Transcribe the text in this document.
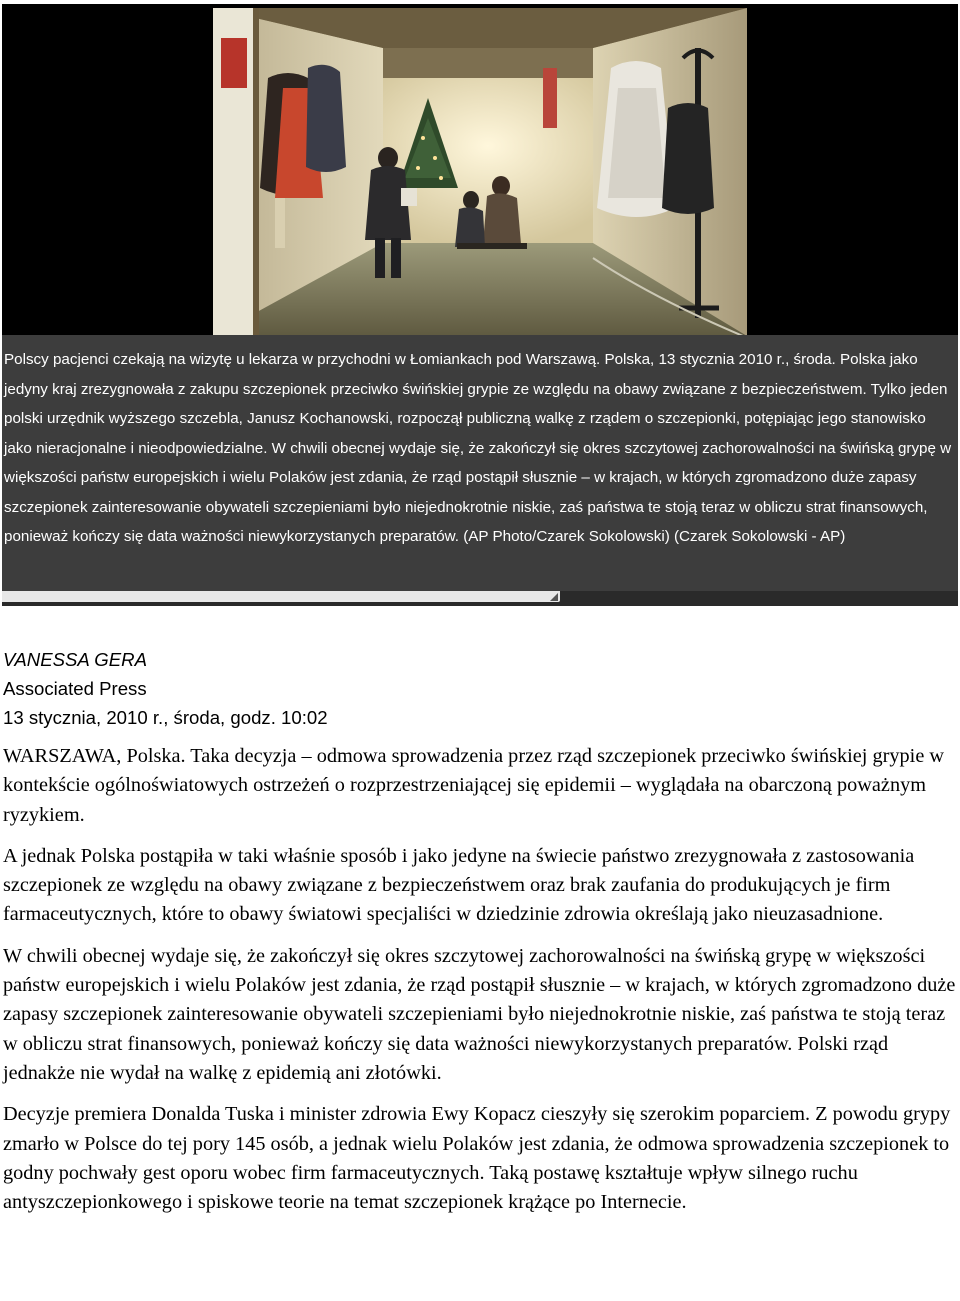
Polscy pacjenci czekają na wizytę u lekarza w przychodni w Łomiankach pod Warszawą. Polska, 13 stycznia 2010 r., środa. Polska jako jedyny kraj zrezygnowała z zakupu szczepionek przeciwko świńskiej grypie ze względu na obawy związane z bezpieczeństwem. Tylko jeden polski urzędnik wyższego szczebla, Janusz Kochanowski, rozpoczął publiczną walkę z rządem o szczepionki, potępiając jego stanowisko jako nieracjonalne i nieodpowiedzialne. W chwili obecnej wydaje się, że zakończył się okres szczytowej zachorowalności na świńską grypę w większości państw europejskich i wielu Polaków jest zdania, że rząd postąpił słusznie – w krajach, w których zgromadzono duże zapasy szczepionek zainteresowanie obywateli szczepieniami było niejednokrotnie niskie, zaś państwa te stoją teraz w obliczu strat finansowych, ponieważ kończy się data ważności niewykorzystanych preparatów. (AP Photo/Czarek Sokolowski) (Czarek Sokolowski - AP)

VANESSA GERA
Associated Press
13 stycznia, 2010 r., środa, godz. 10:02

WARSZAWA, Polska. Taka decyzja – odmowa sprowadzenia przez rząd szczepionek przeciwko świńskiej grypie w kontekście ogólnoświatowych ostrzeżeń o rozprzestrzeniającej się epidemii – wyglądała na obarczoną poważnym ryzykiem.

A jednak Polska postąpiła w taki właśnie sposób i jako jedyne na świecie państwo zrezygnowała z zastosowania szczepionek ze względu na obawy związane z bezpieczeństwem oraz brak zaufania do produkujących je firm farmaceutycznych, które to obawy światowi specjaliści w dziedzinie zdrowia określają jako nieuzasadnione.

W chwili obecnej wydaje się, że zakończył się okres szczytowej zachorowalności na świńską grypę w większości państw europejskich i wielu Polaków jest zdania, że rząd postąpił słusznie – w krajach, w których zgromadzono duże zapasy szczepionek zainteresowanie obywateli szczepieniami było niejednokrotnie niskie, zaś państwa te stoją teraz w obliczu strat finansowych, ponieważ kończy się data ważności niewykorzystanych preparatów. Polski rząd jednakże nie wydał na walkę z epidemią ani złotówki.

Decyzje premiera Donalda Tuska i minister zdrowia Ewy Kopacz cieszyły się szerokim poparciem. Z powodu grypy zmarło w Polsce do tej pory 145 osób, a jednak wielu Polaków jest zdania, że odmowa sprowadzenia szczepionek to godny pochwały gest oporu wobec firm farmaceutycznych. Taką postawę kształtuje wpływ silnego ruchu antyszczepionkowego i spiskowe teorie na temat szczepionek krążące po Internecie.
